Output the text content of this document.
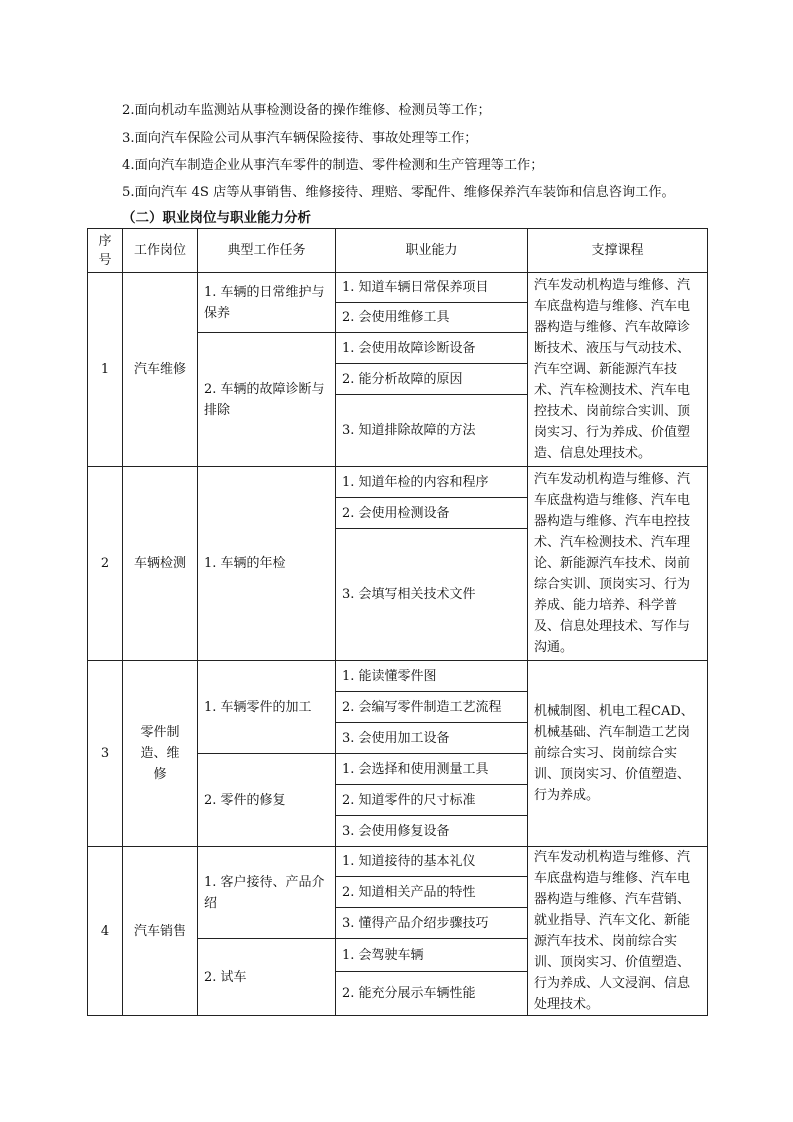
2.面向机动车监测站从事检测设备的操作维修、检测员等工作；
3.面向汽车保险公司从事汽车辆保险接待、事故处理等工作；
4.面向汽车制造企业从事汽车零件的制造、零件检测和生产管理等工作；
5.面向汽车 4S 店等从事销售、维修接待、理赔、零配件、维修保养汽车装饰和信息咨询工作。
（二）职业岗位与职业能力分析
序号	工作岗位	典型工作任务	职业能力	支撑课程
1	汽车维修	1. 车辆的日常维护与保养	1. 知道车辆日常保养项目	汽车发动机构造与维修、汽车底盘构造与维修、汽车电器构造与维修、汽车故障诊断技术、液压与气动技术、汽车空调、新能源汽车技术、汽车检测技术、汽车电控技术、岗前综合实训、顶岗实习、行为养成、价值塑造、信息处理技术。
			2. 会使用维修工具	
		2. 车辆的故障诊断与排除	1. 会使用故障诊断设备	
			2. 能分析故障的原因	
			3. 知道排除故障的方法	
2	车辆检测	1. 车辆的年检	1. 知道年检的内容和程序	汽车发动机构造与维修、汽车底盘构造与维修、汽车电器构造与维修、汽车电控技术、汽车检测技术、汽车理论、新能源汽车技术、岗前综合实训、顶岗实习、行为养成、能力培养、科学普及、信息处理技术、写作与沟通。
			2. 会使用检测设备	
			3. 会填写相关技术文件	
3	零件制造、维修	1. 车辆零件的加工	1. 能读懂零件图	机械制图、机电工程CAD、机械基础、汽车制造工艺岗前综合实习、岗前综合实训、顶岗实习、价值塑造、行为养成。
			2. 会编写零件制造工艺流程	
			3. 会使用加工设备	
		2. 零件的修复	1. 会选择和使用测量工具	
			2. 知道零件的尺寸标准	
			3. 会使用修复设备	
4	汽车销售	1. 客户接待、产品介绍	1. 知道接待的基本礼仪	汽车发动机构造与维修、汽车底盘构造与维修、汽车电器构造与维修、汽车营销、就业指导、汽车文化、新能源汽车技术、岗前综合实训、顶岗实习、价值塑造、行为养成、人文浸润、信息处理技术。
			2. 知道相关产品的特性	
			3. 懂得产品介绍步骤技巧	
		2. 试车	1. 会驾驶车辆	
			2. 能充分展示车辆性能	
